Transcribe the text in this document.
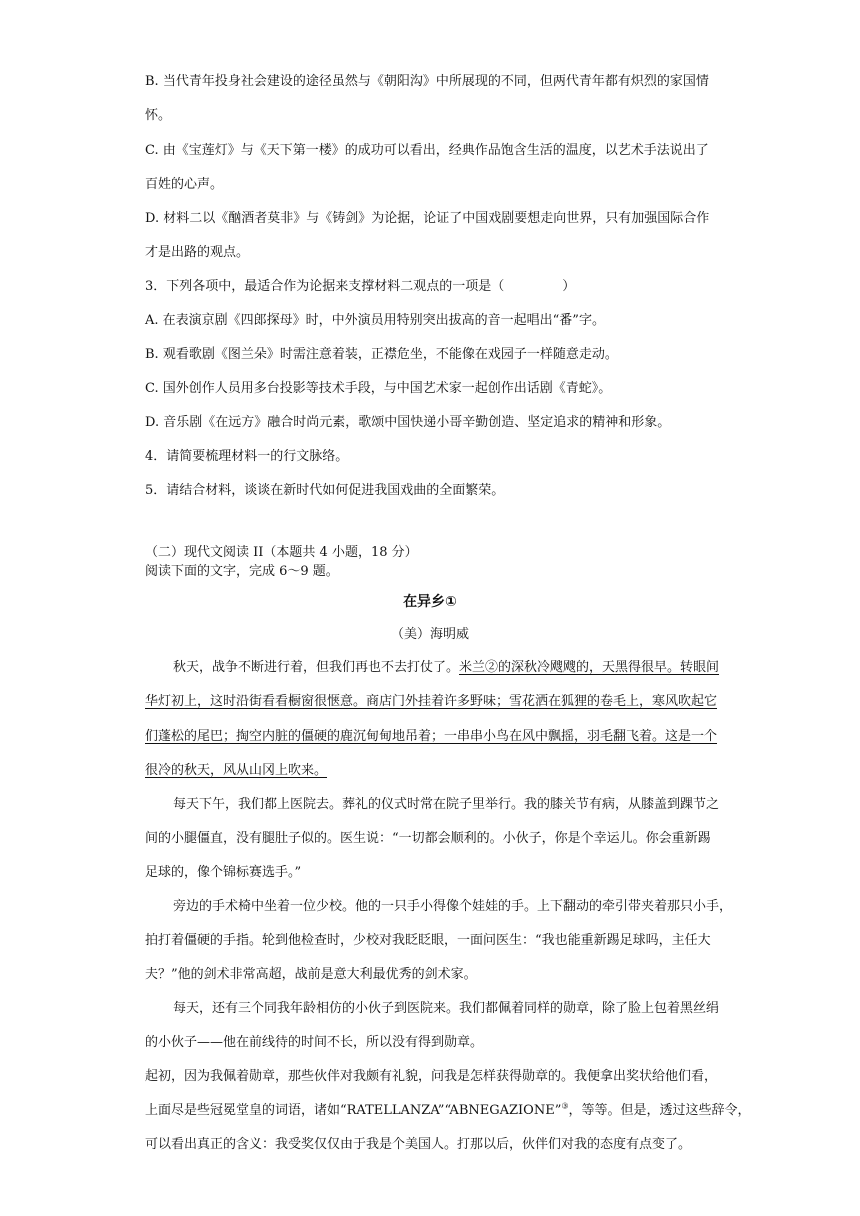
B. 当代青年投身社会建设的途径虽然与《朝阳沟》中所展现的不同，但两代青年都有炽烈的家国情
怀。
C. 由《宝莲灯》与《天下第一楼》的成功可以看出，经典作品饱含生活的温度，以艺术手法说出了
百姓的心声。
D. 材料二以《酗酒者莫非》与《铸剑》为论据，论证了中国戏剧要想走向世界，只有加强国际合作
才是出路的观点。
3．下列各项中，最适合作为论据来支撑材料二观点的一项是（	）
A. 在表演京剧《四郎探母》时，中外演员用特别突出拔高的音一起唱出“番”字。
B. 观看歌剧《图兰朵》时需注意着装，正襟危坐，不能像在戏园子一样随意走动。
C. 国外创作人员用多台投影等技术手段，与中国艺术家一起创作出话剧《青蛇》。
D. 音乐剧《在远方》融合时尚元素，歌颂中国快递小哥辛勤创造、坚定追求的精神和形象。
4．请简要梳理材料一的行文脉络。
5．请结合材料，谈谈在新时代如何促进我国戏曲的全面繁荣。
（二）现代文阅读 II（本题共 4 小题，18 分）
阅读下面的文字，完成 6～9 题。
在异乡①
（美）海明威
秋天，战争不断进行着，但我们再也不去打仗了。米兰②的深秋冷飕飕的，天黑得很早。转眼间
华灯初上，这时沿街看看橱窗很惬意。商店门外挂着许多野味；雪花洒在狐狸的卷毛上，寒风吹起它
们蓬松的尾巴；掏空内脏的僵硬的鹿沉甸甸地吊着；一串串小鸟在风中飘摇，羽毛翻飞着。这是一个
很冷的秋天，风从山冈上吹来。
每天下午，我们都上医院去。葬礼的仪式时常在院子里举行。我的膝关节有病，从膝盖到踝节之
间的小腿僵直，没有腿肚子似的。医生说：“一切都会顺利的。小伙子，你是个幸运儿。你会重新踢
足球的，像个锦标赛选手。”
旁边的手术椅中坐着一位少校。他的一只手小得像个娃娃的手。上下翻动的牵引带夹着那只小手，
拍打着僵硬的手指。轮到他检查时，少校对我眨眨眼，一面问医生：“我也能重新踢足球吗，主任大
夫？”他的剑术非常高超，战前是意大利最优秀的剑术家。
每天，还有三个同我年龄相仿的小伙子到医院来。我们都佩着同样的勋章，除了脸上包着黑丝绢
的小伙子——他在前线待的时间不长，所以没有得到勋章。
起初，因为我佩着勋章，那些伙伴对我颇有礼貌，问我是怎样获得勋章的。我便拿出奖状给他们看，
上面尽是些冠冕堂皇的词语，诸如“RATELLANZA”“ABNEGAZIONE”③，等等。但是，透过这些辞令，
可以看出真正的含义：我受奖仅仅由于我是个美国人。打那以后，伙伴们对我的态度有点变了。
